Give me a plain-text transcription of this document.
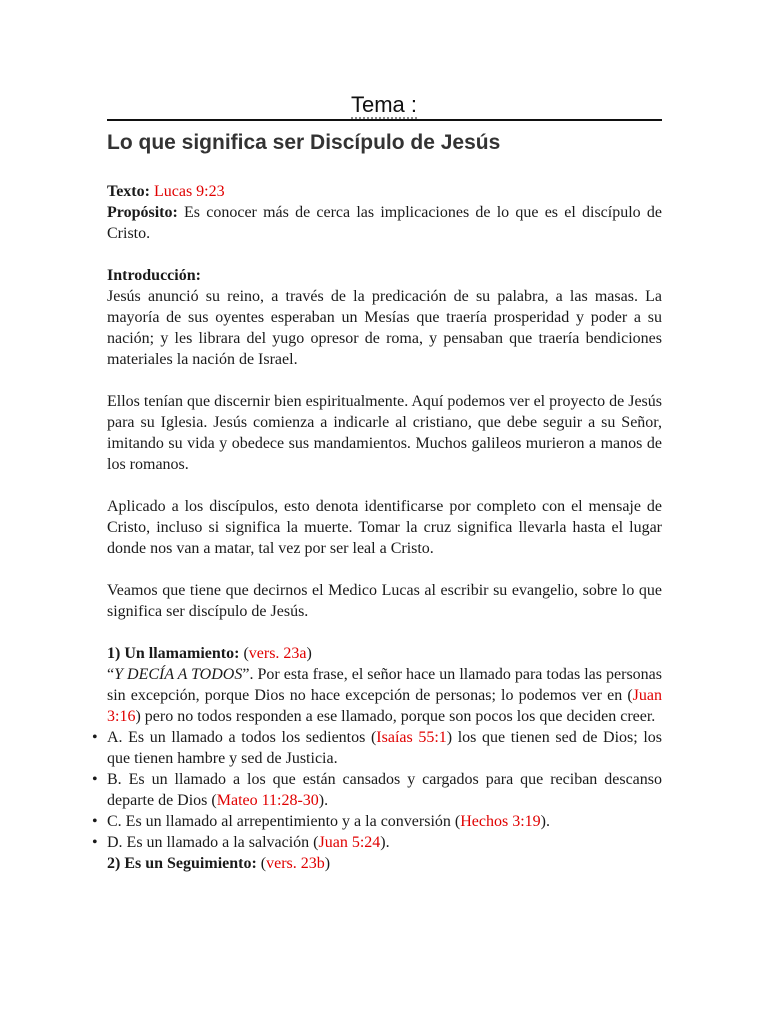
Tema :
Lo que significa ser Discípulo de Jesús

Texto: Lucas 9:23

Propósito: Es conocer más de cerca las implicaciones de lo que es el discípulo de Cristo.

Introducción:

Jesús anunció su reino, a través de la predicación de su palabra, a las masas. La mayoría de sus oyentes esperaban un Mesías que traería prosperidad y poder a su nación; y les librara del yugo opresor de roma, y pensaban que traería bendiciones materiales la nación de Israel.

Ellos tenían que discernir bien espiritualmente. Aquí podemos ver el proyecto de Jesús para su Iglesia. Jesús comienza a indicarle al cristiano, que debe seguir a su Señor, imitando su vida y obedece sus mandamientos. Muchos galileos murieron a manos de los romanos.

Aplicado a los discípulos, esto denota identificarse por completo con el mensaje de Cristo, incluso si significa la muerte. Tomar la cruz significa llevarla hasta el lugar donde nos van a matar, tal vez por ser leal a Cristo.

Veamos que tiene que decirnos el Medico Lucas al escribir su evangelio, sobre lo que significa ser discípulo de Jesús.

1) Un llamamiento: (vers. 23a)

“Y DECÍA A TODOS”. Por esta frase, el señor hace un llamado para todas las personas sin excepción, porque Dios no hace excepción de personas; lo podemos ver en (Juan 3:16) pero no todos responden a ese llamado, porque son pocos los que deciden creer.

• A. Es un llamado a todos los sedientos (Isaías 55:1) los que tienen sed de Dios; los que tienen hambre y sed de Justicia.
• B. Es un llamado a los que están cansados y cargados para que reciban descanso departe de Dios (Mateo 11:28-30).
• C. Es un llamado al arrepentimiento y a la conversión (Hechos 3:19).
• D. Es un llamado a la salvación (Juan 5:24).

2) Es un Seguimiento: (vers. 23b)
